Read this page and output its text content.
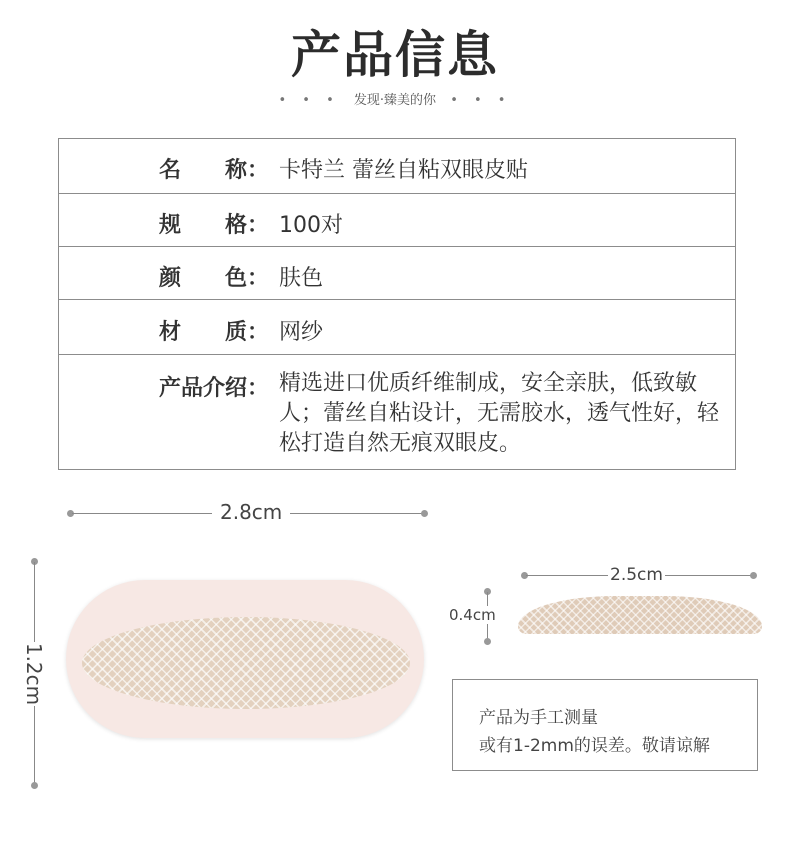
产品信息
• • • 发现·臻美的你 • • •
名　　称： 卡特兰 蕾丝自粘双眼皮贴
规　　格： 100对
颜　　色： 肤色
材　　质： 网纱
产品介绍： 精选进口优质纤维制成，安全亲肤，低致敏人；蕾丝自粘设计，无需胶水，透气性好，轻松打造自然无痕双眼皮。
2.8cm
1.2cm
2.5cm
0.4cm
产品为手工测量
或有1-2mm的误差。敬请谅解
